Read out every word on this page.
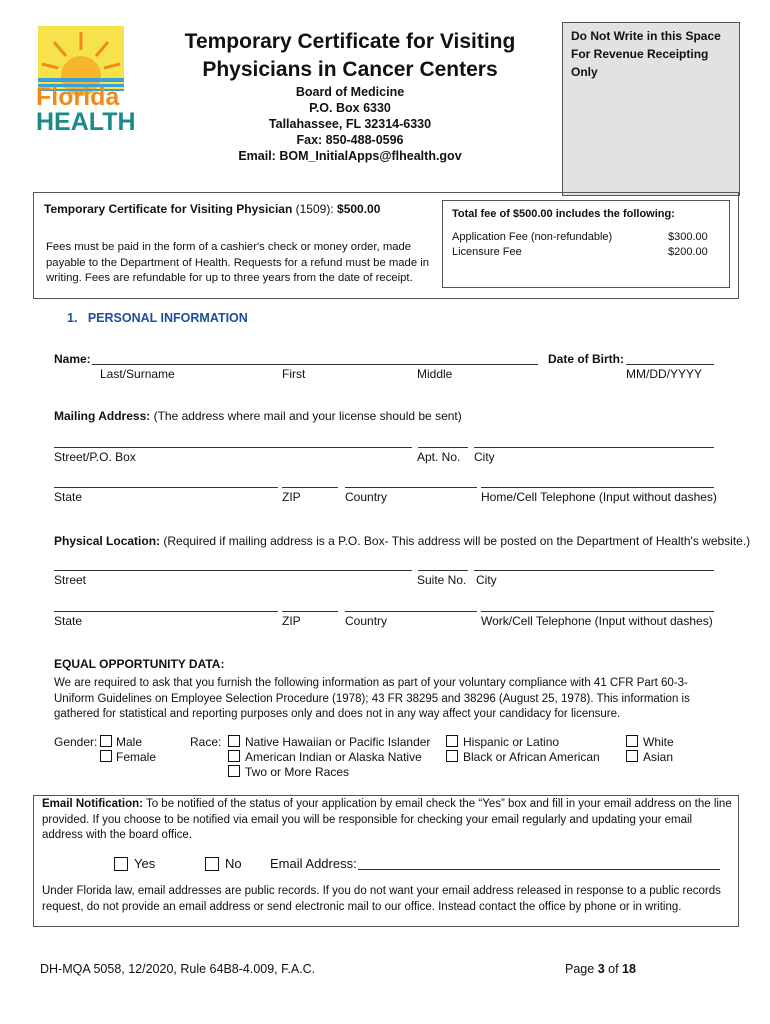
Florida
HEALTH
Temporary Certificate for Visiting
Physicians in Cancer Centers
Board of Medicine
P.O. Box 6330
Tallahassee, FL 32314-6330
Fax: 850-488-0596
Email: BOM_InitialApps@flhealth.gov
Do Not Write in this Space
For Revenue Receipting Only
Temporary Certificate for Visiting Physician (1509): $500.00
Fees must be paid in the form of a cashier's check or money order, made payable to the Department of Health. Requests for a refund must be made in writing. Fees are refundable for up to three years from the date of receipt.
Total fee of $500.00 includes the following:
Application Fee (non-refundable)	$300.00
Licensure Fee	$200.00
1.   PERSONAL INFORMATION
Name:	Date of Birth:
Last/Surname	First	Middle	MM/DD/YYYY
Mailing Address: (The address where mail and your license should be sent)
Street/P.O. Box	Apt. No. City
State	ZIP	Country	Home/Cell Telephone (Input without dashes)
Physical Location: (Required if mailing address is a P.O. Box- This address will be posted on the Department of Health's website.)
Street	Suite No. City
State	ZIP	Country	Work/Cell Telephone (Input without dashes)
EQUAL OPPORTUNITY DATA:
We are required to ask that you furnish the following information as part of your voluntary compliance with 41 CFR Part 60-3-Uniform Guidelines on Employee Selection Procedure (1978); 43 FR 38295 and 38296 (August 25, 1978). This information is gathered for statistical and reporting purposes only and does not in any way affect your candidacy for licensure.
Gender: Male
Female
Race: Native Hawaiian or Pacific Islander
American Indian or Alaska Native
Two or More Races
Hispanic or Latino
Black or African American
White
Asian
Email Notification: To be notified of the status of your application by email check the “Yes” box and fill in your email address on the line provided. If you choose to be notified via email you will be responsible for checking your email regularly and updating your email address with the board office.
Yes	No Email Address:
Under Florida law, email addresses are public records. If you do not want your email address released in response to a public records request, do not provide an email address or send electronic mail to our office. Instead contact the office by phone or in writing.
DH-MQA 5058, 12/2020, Rule 64B8-4.009, F.A.C.	Page 3 of 18
